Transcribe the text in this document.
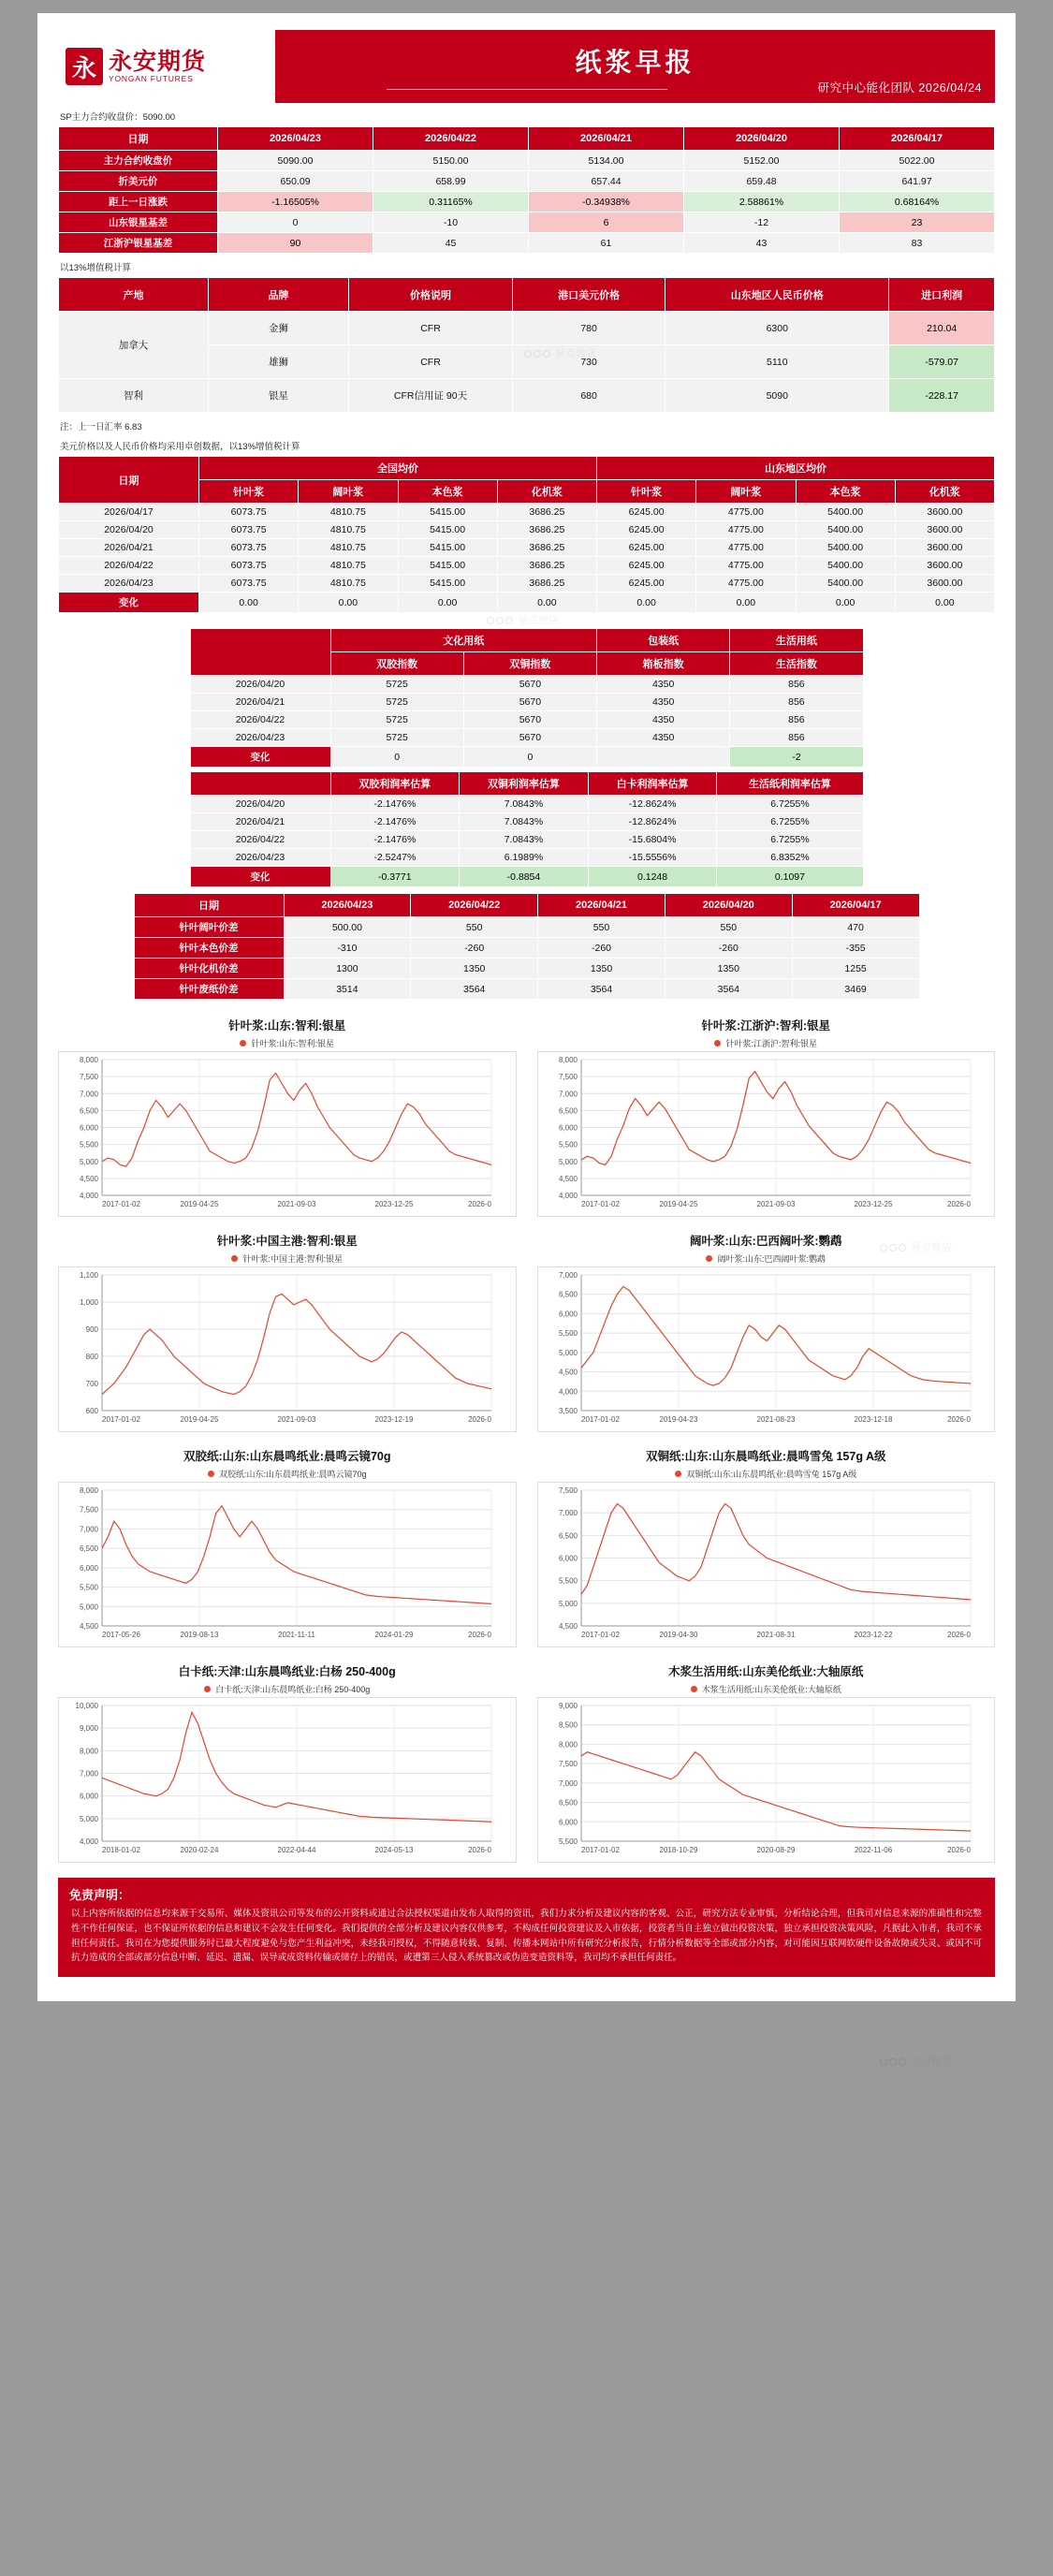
易点像店
易点像店
易点像店
永 永安期货
YONGAN FUTURES
纸浆早报
研究中心能化团队 2026/04/24
SP主力合约收盘价：5090.00
日期	2026/04/23	2026/04/22	2026/04/21	2026/04/20	2026/04/17
主力合约收盘价	5090.00	5150.00	5134.00	5152.00	5022.00
折美元价	650.09	658.99	657.44	659.48	641.97
距上一日涨跌	-1.16505%	0.31165%	-0.34938%	2.58861%	0.68164%
山东银星基差	0	-10	6	-12	23
江浙沪银星基差	90	45	61	43	83
以13%增值税计算
产地	品牌	价格说明	港口美元价格	山东地区人民币价格	进口利润
加拿大	金狮	CFR	780	6300	210.04
	雄狮	CFR	730	5110	-579.07
智利	银星	CFR信用证 90天	680	5090	-228.17
注：上一日汇率 6.83
美元价格以及人民币价格均采用卓创数据，以13%增值税计算
日期	全国均价				山东地区均价			
	针叶浆	阔叶浆	本色浆	化机浆	针叶浆	阔叶浆	本色浆	化机浆
2026/04/17	6073.75	4810.75	5415.00	3686.25	6245.00	4775.00	5400.00	3600.00
2026/04/20	6073.75	4810.75	5415.00	3686.25	6245.00	4775.00	5400.00	3600.00
2026/04/21	6073.75	4810.75	5415.00	3686.25	6245.00	4775.00	5400.00	3600.00
2026/04/22	6073.75	4810.75	5415.00	3686.25	6245.00	4775.00	5400.00	3600.00
2026/04/23	6073.75	4810.75	5415.00	3686.25	6245.00	4775.00	5400.00	3600.00
变化	0.00	0.00	0.00	0.00	0.00	0.00	0.00	0.00
	文化用纸		包装纸	生活用纸
	双胶指数	双铜指数	箱板指数	生活指数
2026/04/20	5725	5670	4350	856
2026/04/21	5725	5670	4350	856
2026/04/22	5725	5670	4350	856
2026/04/23	5725	5670	4350	856
变化	0	0		-2
	双胶利润率估算	双铜利润率估算	白卡利润率估算	生活纸利润率估算
2026/04/20	-2.1476%	7.0843%	-12.8624%	6.7255%
2026/04/21	-2.1476%	7.0843%	-12.8624%	6.7255%
2026/04/22	-2.1476%	7.0843%	-15.6804%	6.7255%
2026/04/23	-2.5247%	6.1989%	-15.5556%	6.8352%
变化	-0.3771	-0.8854	0.1248	0.1097
日期	2026/04/23	2026/04/22	2026/04/21	2026/04/20	2026/04/17
针叶阔叶价差	500.00	550	550	550	470
针叶本色价差	-310	-260	-260	-260	-355
针叶化机价差	1300	1350	1350	1350	1255
针叶废纸价差	3514	3564	3564	3564	3469
针叶浆:山东:智利:银星
针叶浆:山东:智利:银星
4,000
4,500
5,000
5,500
6,000
6,500
7,000
7,500
8,000
2017-01-02	2019-04-25	2021-09-03	2023-12-25	2026-0
针叶浆:江浙沪:智利:银星
针叶浆:江浙沪:智利:银星
4,000
4,500
5,000
5,500
6,000
6,500
7,000
7,500
8,000
2017-01-02	2019-04-25	2021-09-03	2023-12-25	2026-0
针叶浆:中国主港:智利:银星
针叶浆:中国主港:智利:银星
600
700
800
900
1,000
1,100
2017-01-02	2019-04-25	2021-09-03	2023-12-19	2026-0
阔叶浆:山东:巴西阔叶浆:鹦鹉
阔叶浆:山东:巴西阔叶浆:鹦鹉
3,500
4,000
4,500
5,000
5,500
6,000
6,500
7,000
2017-01-02	2019-04-23	2021-08-23	2023-12-18	2026-0
双胶纸:山东:山东晨鸣纸业:晨鸣云镜70g
双胶纸:山东:山东晨鸣纸业:晨鸣云镜70g
4,500
5,000
5,500
6,000
6,500
7,000
7,500
8,000
2017-05-26	2019-08-13	2021-11-11	2024-01-29	2026-0
双铜纸:山东:山东晨鸣纸业:晨鸣雪兔 157g A级
双铜纸:山东:山东晨鸣纸业:晨鸣雪兔 157g A级
4,500
5,000
5,500
6,000
6,500
7,000
7,500
2017-01-02	2019-04-30	2021-08-31	2023-12-22	2026-0
白卡纸:天津:山东晨鸣纸业:白杨 250-400g
白卡纸:天津:山东晨鸣纸业:白杨 250-400g
4,000
5,000
6,000
7,000
8,000
9,000
10,000
2018-01-02	2020-02-24	2022-04-44	2024-05-13	2026-0
木浆生活用纸:山东美伦纸业:大轴原纸
木浆生活用纸:山东美伦纸业:大轴原纸
5,500
6,000
6,500
7,000
7,500
8,000
8,500
9,000
2017-01-02	2018-10-29	2020-08-29	2022-11-06	2026-0
免责声明：
以上内容所依据的信息均来源于交易所、媒体及资讯公司等发布的公开资料或通过合法授权渠道由发布人取得的资讯，我们力求分析及建议内容的客观、公正，研究方法专业审慎，分析结论合理，但我司对信息来源的准确性和完整性不作任何保证，也不保证所依据的信息和建议不会发生任何变化。我们提供的全部分析及建议内容仅供参考，不构成任何投资建议及入市依据，投资者当自主独立做出投资决策，独立承担投资决策风险，凡据此入市者，我司不承担任何责任。我司在为您提供服务时已最大程度避免与您产生利益冲突，未经我司授权，不得随意转载、复制、传播本网站中所有研究分析报告，行情分析数据等全部或部分内容，对可能因互联网软硬件设备故障或失灵、或因不可抗力造成的全部或部分信息中断、延迟、遗漏、误导或成资料传输或储存上的错误，或遭第三人侵入系统篡改或伪造变造资料等，我司均不承担任何责任。
